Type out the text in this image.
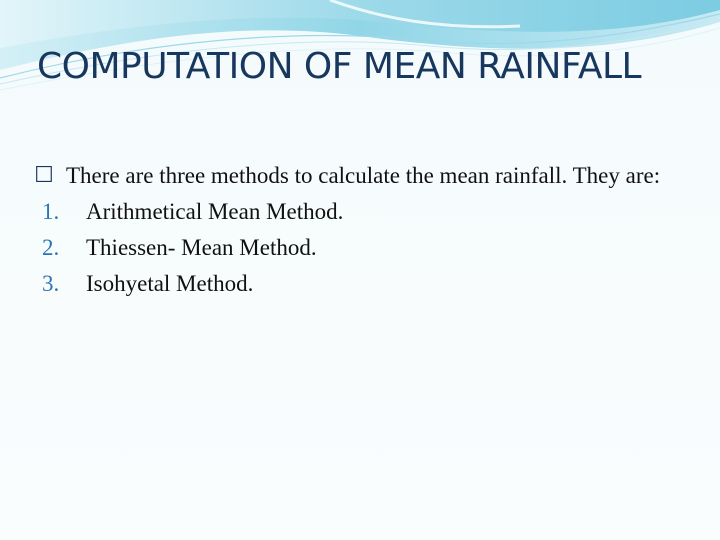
COMPUTATION OF MEAN RAINFALL
☐ There are three methods to calculate the mean rainfall. They are:
1. Arithmetical Mean Method.
2. Thiessen- Mean Method.
3. Isohyetal Method.
